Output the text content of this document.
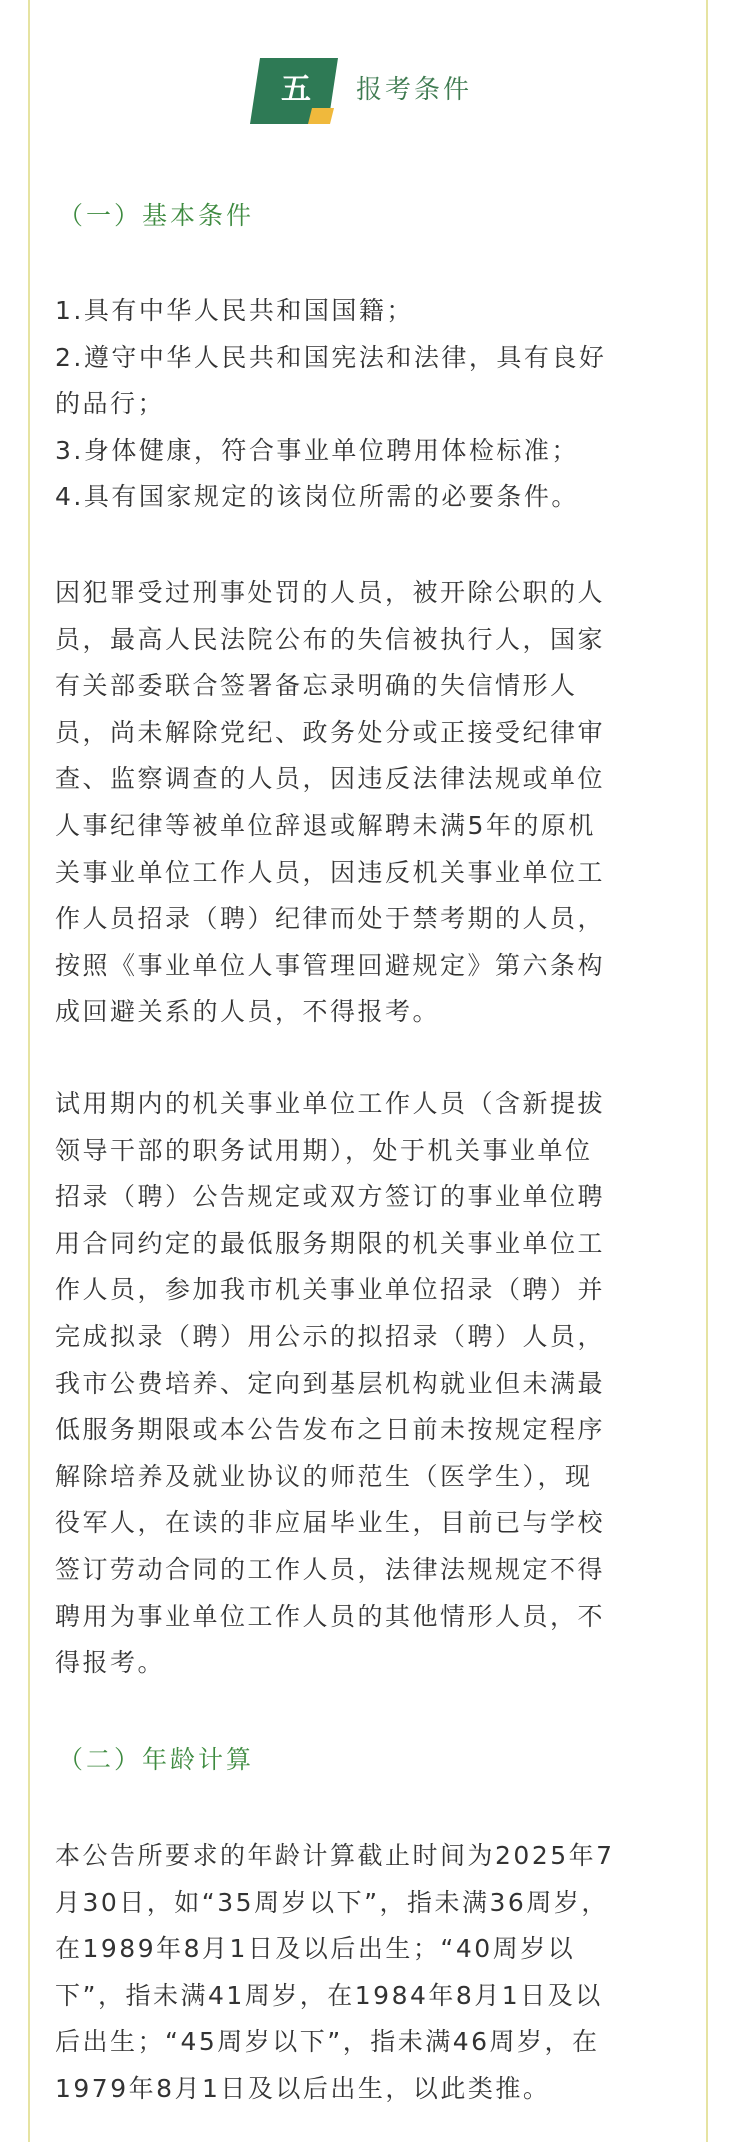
五 报考条件
（一）基本条件
1.具有中华人民共和国国籍；
2.遵守中华人民共和国宪法和法律，具有良好
的品行；
3.身体健康，符合事业单位聘用体检标准；
4.具有国家规定的该岗位所需的必要条件。
因犯罪受过刑事处罚的人员，被开除公职的人
员，最高人民法院公布的失信被执行人，国家
有关部委联合签署备忘录明确的失信情形人
员，尚未解除党纪、政务处分或正接受纪律审
查、监察调查的人员，因违反法律法规或单位
人事纪律等被单位辞退或解聘未满5年的原机
关事业单位工作人员，因违反机关事业单位工
作人员招录（聘）纪律而处于禁考期的人员，
按照《事业单位人事管理回避规定》第六条构
成回避关系的人员，不得报考。
试用期内的机关事业单位工作人员（含新提拔
领导干部的职务试用期），处于机关事业单位
招录（聘）公告规定或双方签订的事业单位聘
用合同约定的最低服务期限的机关事业单位工
作人员，参加我市机关事业单位招录（聘）并
完成拟录（聘）用公示的拟招录（聘）人员，
我市公费培养、定向到基层机构就业但未满最
低服务期限或本公告发布之日前未按规定程序
解除培养及就业协议的师范生（医学生），现
役军人，在读的非应届毕业生，目前已与学校
签订劳动合同的工作人员，法律法规规定不得
聘用为事业单位工作人员的其他情形人员，不
得报考。
（二）年龄计算
本公告所要求的年龄计算截止时间为2025年7
月30日，如“35周岁以下”，指未满36周岁，
在1989年8月1日及以后出生；“40周岁以
下”，指未满41周岁，在1984年8月1日及以
后出生；“45周岁以下”，指未满46周岁，在
1979年8月1日及以后出生，以此类推。
